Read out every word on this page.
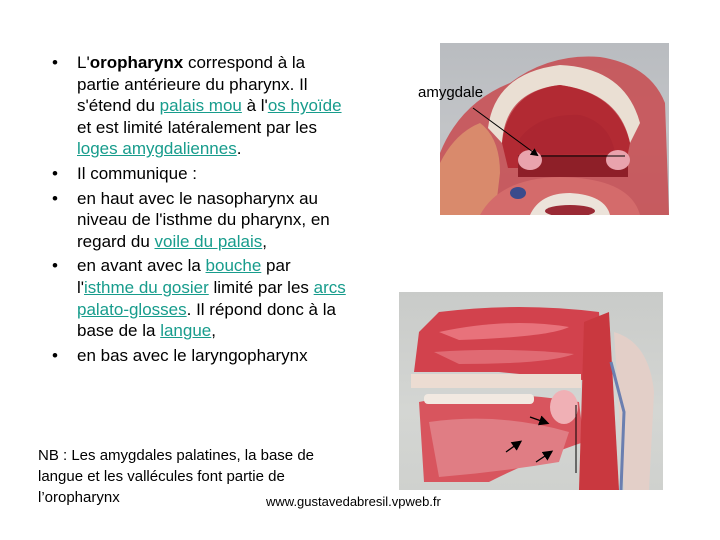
• L'oropharynx correspond à la partie antérieure du pharynx. Il s'étend du palais mou à l'os hyoïde et est limité latéralement par les loges amygdaliennes.
• Il communique :
• en haut avec le nasopharynx au niveau de l'isthme du pharynx, en regard du voile du palais,
• en avant avec la bouche par l'isthme du gosier limité par les arcs palato-glosses. Il répond donc à la base de la langue,
• en bas avec le laryngopharynx
NB : Les amygdales palatines, la base de langue et les vallécules font partie de l’oropharynx	www.gustavedabresil.vpweb.fr
amygdale
